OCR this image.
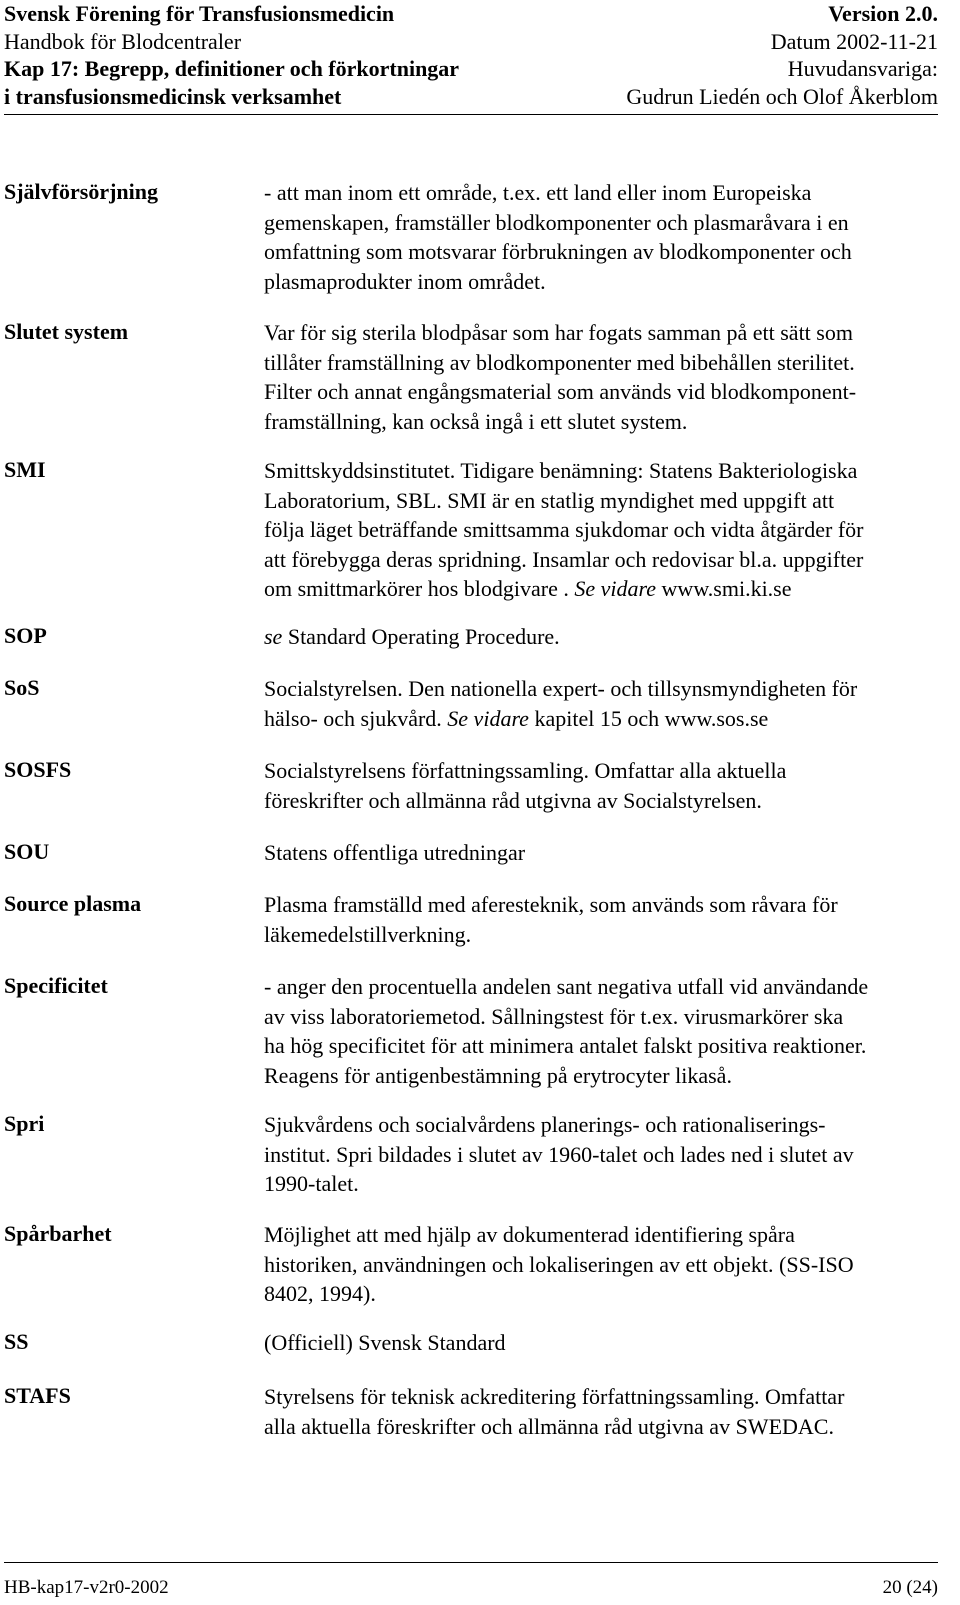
Svensk Förening för Transfusionsmedicin	Version 2.0.
Handbok för Blodcentraler	Datum 2002-11-21
Kap 17: Begrepp, definitioner och förkortningar	Huvudansvariga:
i transfusionsmedicinsk verksamhet	Gudrun Liedén och Olof Åkerblom
Självförsörjning	- att man inom ett område, t.ex. ett land eller inom Europeiska
gemenskapen, framställer blodkomponenter och plasmaråvara i en
omfattning som motsvarar förbrukningen av blodkomponenter och
plasmaprodukter inom området.
Slutet system	Var för sig sterila blodpåsar som har fogats samman på ett sätt som
tillåter framställning av blodkomponenter med bibehållen sterilitet.
Filter och annat engångsmaterial som används vid blodkomponent-
framställning, kan också ingå i ett slutet system.
SMI	Smittskyddsinstitutet. Tidigare benämning: Statens Bakteriologiska
Laboratorium, SBL. SMI är en statlig myndighet med uppgift att
följa läget beträffande smittsamma sjukdomar och vidta åtgärder för
att förebygga deras spridning. Insamlar och redovisar bl.a. uppgifter
om smittmarkörer hos blodgivare . Se vidare www.smi.ki.se
SOP	se Standard Operating Procedure.
SoS	Socialstyrelsen. Den nationella expert- och tillsynsmyndigheten för
hälso- och sjukvård. Se vidare kapitel 15 och www.sos.se
SOSFS	Socialstyrelsens författningssamling. Omfattar alla aktuella
föreskrifter och allmänna råd utgivna av Socialstyrelsen.
SOU	Statens offentliga utredningar
Source plasma	Plasma framställd med aferesteknik, som används som råvara för
läkemedelstillverkning.
Specificitet	- anger den procentuella andelen sant negativa utfall vid användande
av viss laboratoriemetod. Sållningstest för t.ex. virusmarkörer ska
ha hög specificitet för att minimera antalet falskt positiva reaktioner.
Reagens för antigenbestämning på erytrocyter likaså.
Spri	Sjukvårdens och socialvårdens planerings- och rationaliserings-
institut. Spri bildades i slutet av 1960-talet och lades ned i slutet av
1990-talet.
Spårbarhet	Möjlighet att med hjälp av dokumenterad identifiering spåra
historiken, användningen och lokaliseringen av ett objekt. (SS-ISO
8402, 1994).
SS	(Officiell) Svensk Standard
STAFS	Styrelsens för teknisk ackreditering författningssamling. Omfattar
alla aktuella föreskrifter och allmänna råd utgivna av SWEDAC.
HB-kap17-v2r0-2002	20 (24)
